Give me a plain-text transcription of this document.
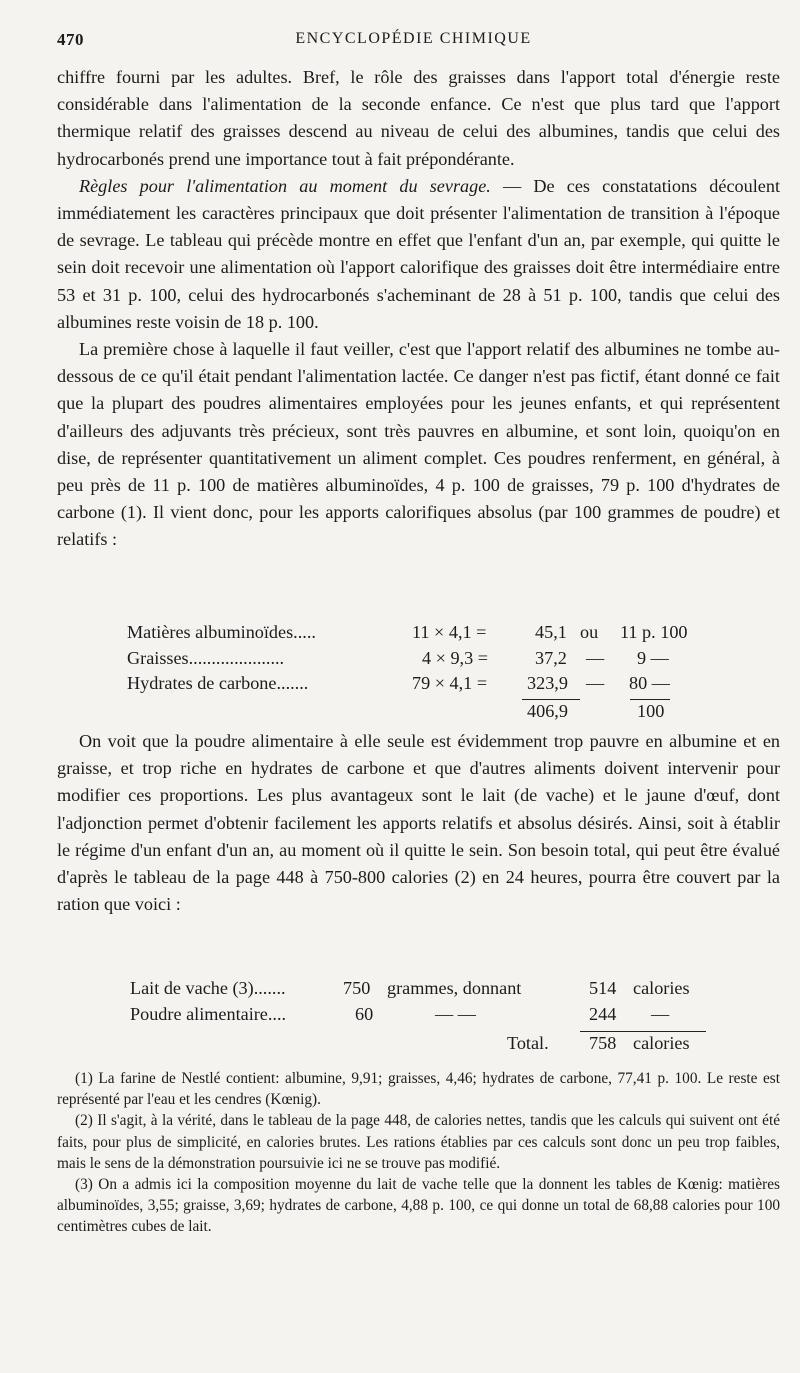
470	ENCYCLOPÉDIE CHIMIQUE

chiffre fourni par les adultes. Bref, le rôle des graisses dans l'apport total d'énergie reste considérable dans l'alimentation de la seconde enfance. Ce n'est que plus tard que l'apport thermique relatif des graisses descend au niveau de celui des albumines, tandis que celui des hydrocarbonés prend une importance tout à fait prépondérante.

Règles pour l'alimentation au moment du sevrage. — De ces constatations découlent immédiatement les caractères principaux que doit présenter l'alimentation de transition à l'époque de sevrage. Le tableau qui précède montre en effet que l'enfant d'un an, par exemple, qui quitte le sein doit recevoir une alimentation où l'apport calorifique des graisses doit être intermédiaire entre 53 et 31 p. 100, celui des hydrocarbonés s'acheminant de 28 à 51 p. 100, tandis que celui des albumines reste voisin de 18 p. 100.

La première chose à laquelle il faut veiller, c'est que l'apport relatif des albumines ne tombe au-dessous de ce qu'il était pendant l'alimentation lactée. Ce danger n'est pas fictif, étant donné ce fait que la plupart des poudres alimentaires employées pour les jeunes enfants, et qui représentent d'ailleurs des adjuvants très précieux, sont très pauvres en albumine, et sont loin, quoiqu'on en dise, de représenter quantitativement un aliment complet. Ces poudres renferment, en général, à peu près de 11 p. 100 de matières albuminoïdes, 4 p. 100 de graisses, 79 p. 100 d'hydrates de carbone (1). Il vient donc, pour les apports calorifiques absolus (par 100 grammes de poudre) et relatifs :

Matières albuminoïdes.....	11 × 4,1 =	45,1 ou 11 p. 100
Graisses.....................	4 × 9,3 =	37,2 — 9 —
Hydrates de carbone.......	79 × 4,1 = 323,9 — 80 —
406,9	100

On voit que la poudre alimentaire à elle seule est évidemment trop pauvre en albumine et en graisse, et trop riche en hydrates de carbone et que d'autres aliments doivent intervenir pour modifier ces proportions. Les plus avantageux sont le lait (de vache) et le jaune d'œuf, dont l'adjonction permet d'obtenir facilement les apports relatifs et absolus désirés. Ainsi, soit à établir le régime d'un enfant d'un an, au moment où il quitte le sein. Son besoin total, qui peut être évalué d'après le tableau de la page 448 à 750-800 calories (2) en 24 heures, pourra être couvert par la ration que voici :

Lait de vache (3).......	750 grammes, donnant	514 calories
Poudre alimentaire....	60	— —	244 —
Total. 758 calories

(1) La farine de Nestlé contient: albumine, 9,91; graisses, 4,46; hydrates de carbone, 77,41 p. 100. Le reste est représenté par l'eau et les cendres (Kœnig).

(2) Il s'agit, à la vérité, dans le tableau de la page 448, de calories nettes, tandis que les calculs qui suivent ont été faits, pour plus de simplicité, en calories brutes. Les rations établies par ces calculs sont donc un peu trop faibles, mais le sens de la démonstration poursuivie ici ne se trouve pas modifié.

(3) On a admis ici la composition moyenne du lait de vache telle que la donnent les tables de Kœnig: matières albuminoïdes, 3,55; graisse, 3,69; hydrates de carbone, 4,88 p. 100, ce qui donne un total de 68,88 calories pour 100 centimètres cubes de lait.
